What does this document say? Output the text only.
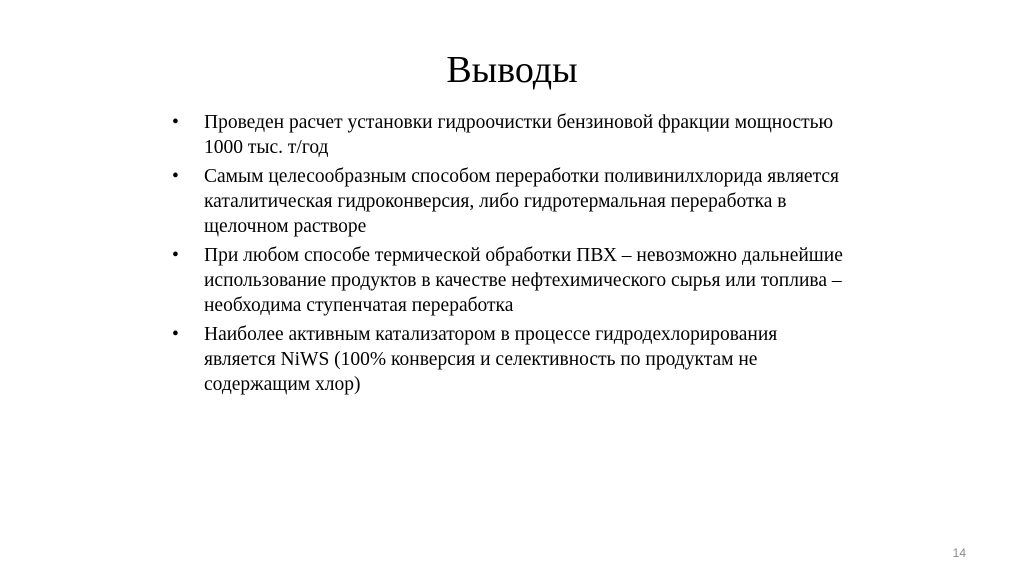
Выводы
•	Проведен расчет установки гидроочистки бензиновой фракции мощностью 1000 тыс. т/год
•	Самым целесообразным способом переработки поливинилхлорида является каталитическая гидроконверсия, либо гидротермальная переработка в щелочном растворе
•	При любом способе термической обработки ПВХ – невозможно дальнейшие использование продуктов в качестве нефтехимического сырья или топлива – необходима ступенчатая переработка
•	Наиболее активным катализатором в процессе гидродехлорирования является NiWS (100% конверсия и селективность по продуктам не содержащим хлор)
14
